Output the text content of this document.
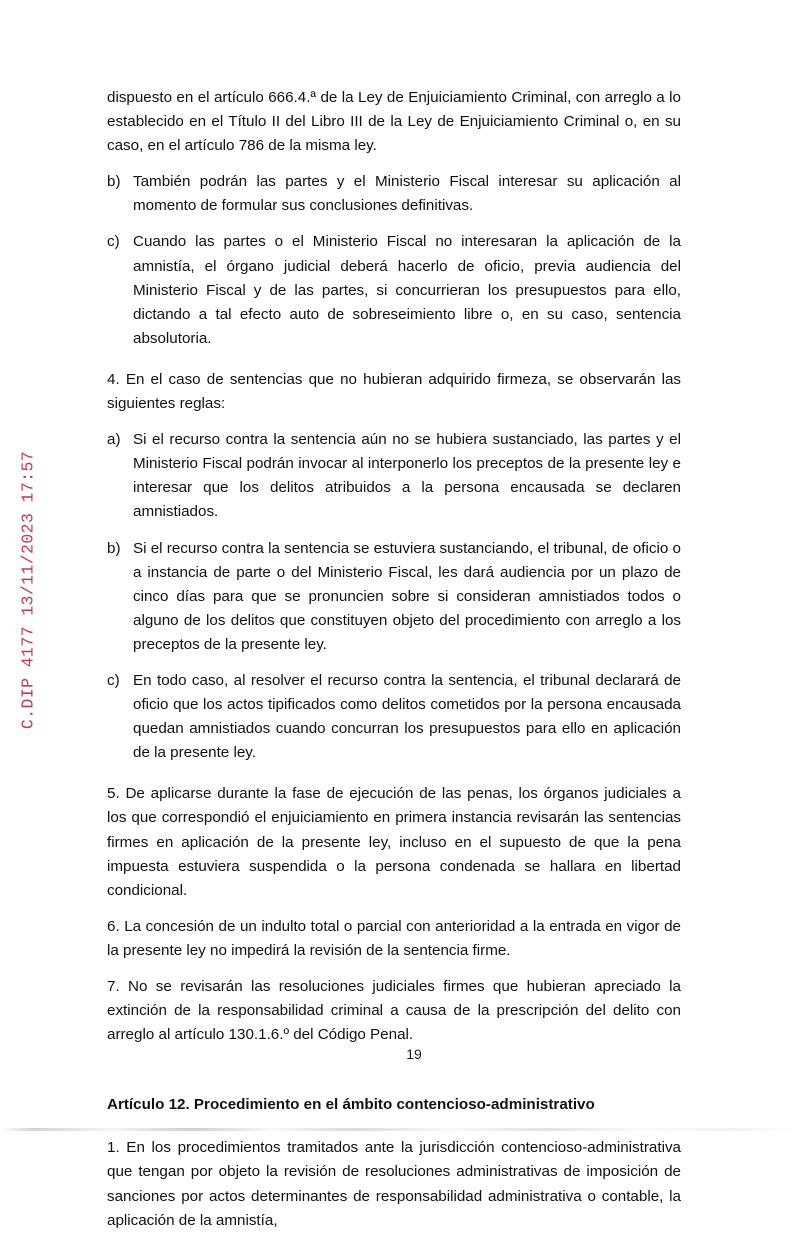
C.DIP 4177 13/11/2023 17:57

dispuesto en el artículo 666.4.ª de la Ley de Enjuiciamiento Criminal, con arreglo a lo establecido en el Título II del Libro III de la Ley de Enjuiciamiento Criminal o, en su caso, en el artículo 786 de la misma ley.

b) También podrán las partes y el Ministerio Fiscal interesar su aplicación al momento de formular sus conclusiones definitivas.
c) Cuando las partes o el Ministerio Fiscal no interesaran la aplicación de la amnistía, el órgano judicial deberá hacerlo de oficio, previa audiencia del Ministerio Fiscal y de las partes, si concurrieran los presupuestos para ello, dictando a tal efecto auto de sobreseimiento libre o, en su caso, sentencia absolutoria.

4. En el caso de sentencias que no hubieran adquirido firmeza, se observarán las siguientes reglas:

a) Si el recurso contra la sentencia aún no se hubiera sustanciado, las partes y el Ministerio Fiscal podrán invocar al interponerlo los preceptos de la presente ley e interesar que los delitos atribuidos a la persona encausada se declaren amnistiados.
b) Si el recurso contra la sentencia se estuviera sustanciando, el tribunal, de oficio o a instancia de parte o del Ministerio Fiscal, les dará audiencia por un plazo de cinco días para que se pronuncien sobre si consideran amnistiados todos o alguno de los delitos que constituyen objeto del procedimiento con arreglo a los preceptos de la presente ley.
c) En todo caso, al resolver el recurso contra la sentencia, el tribunal declarará de oficio que los actos tipificados como delitos cometidos por la persona encausada quedan amnistiados cuando concurran los presupuestos para ello en aplicación de la presente ley.

5. De aplicarse durante la fase de ejecución de las penas, los órganos judiciales a los que correspondió el enjuiciamiento en primera instancia revisarán las sentencias firmes en aplicación de la presente ley, incluso en el supuesto de que la pena impuesta estuviera suspendida o la persona condenada se hallara en libertad condicional.

6. La concesión de un indulto total o parcial con anterioridad a la entrada en vigor de la presente ley no impedirá la revisión de la sentencia firme.

7. No se revisarán las resoluciones judiciales firmes que hubieran apreciado la extinción de la responsabilidad criminal a causa de la prescripción del delito con arreglo al artículo 130.1.6.º del Código Penal.

Artículo 12. Procedimiento en el ámbito contencioso-administrativo

1. En los procedimientos tramitados ante la jurisdicción contencioso-administrativa que tengan por objeto la revisión de resoluciones administrativas de imposición de sanciones por actos determinantes de responsabilidad administrativa o contable, la aplicación de la amnistía,

19
